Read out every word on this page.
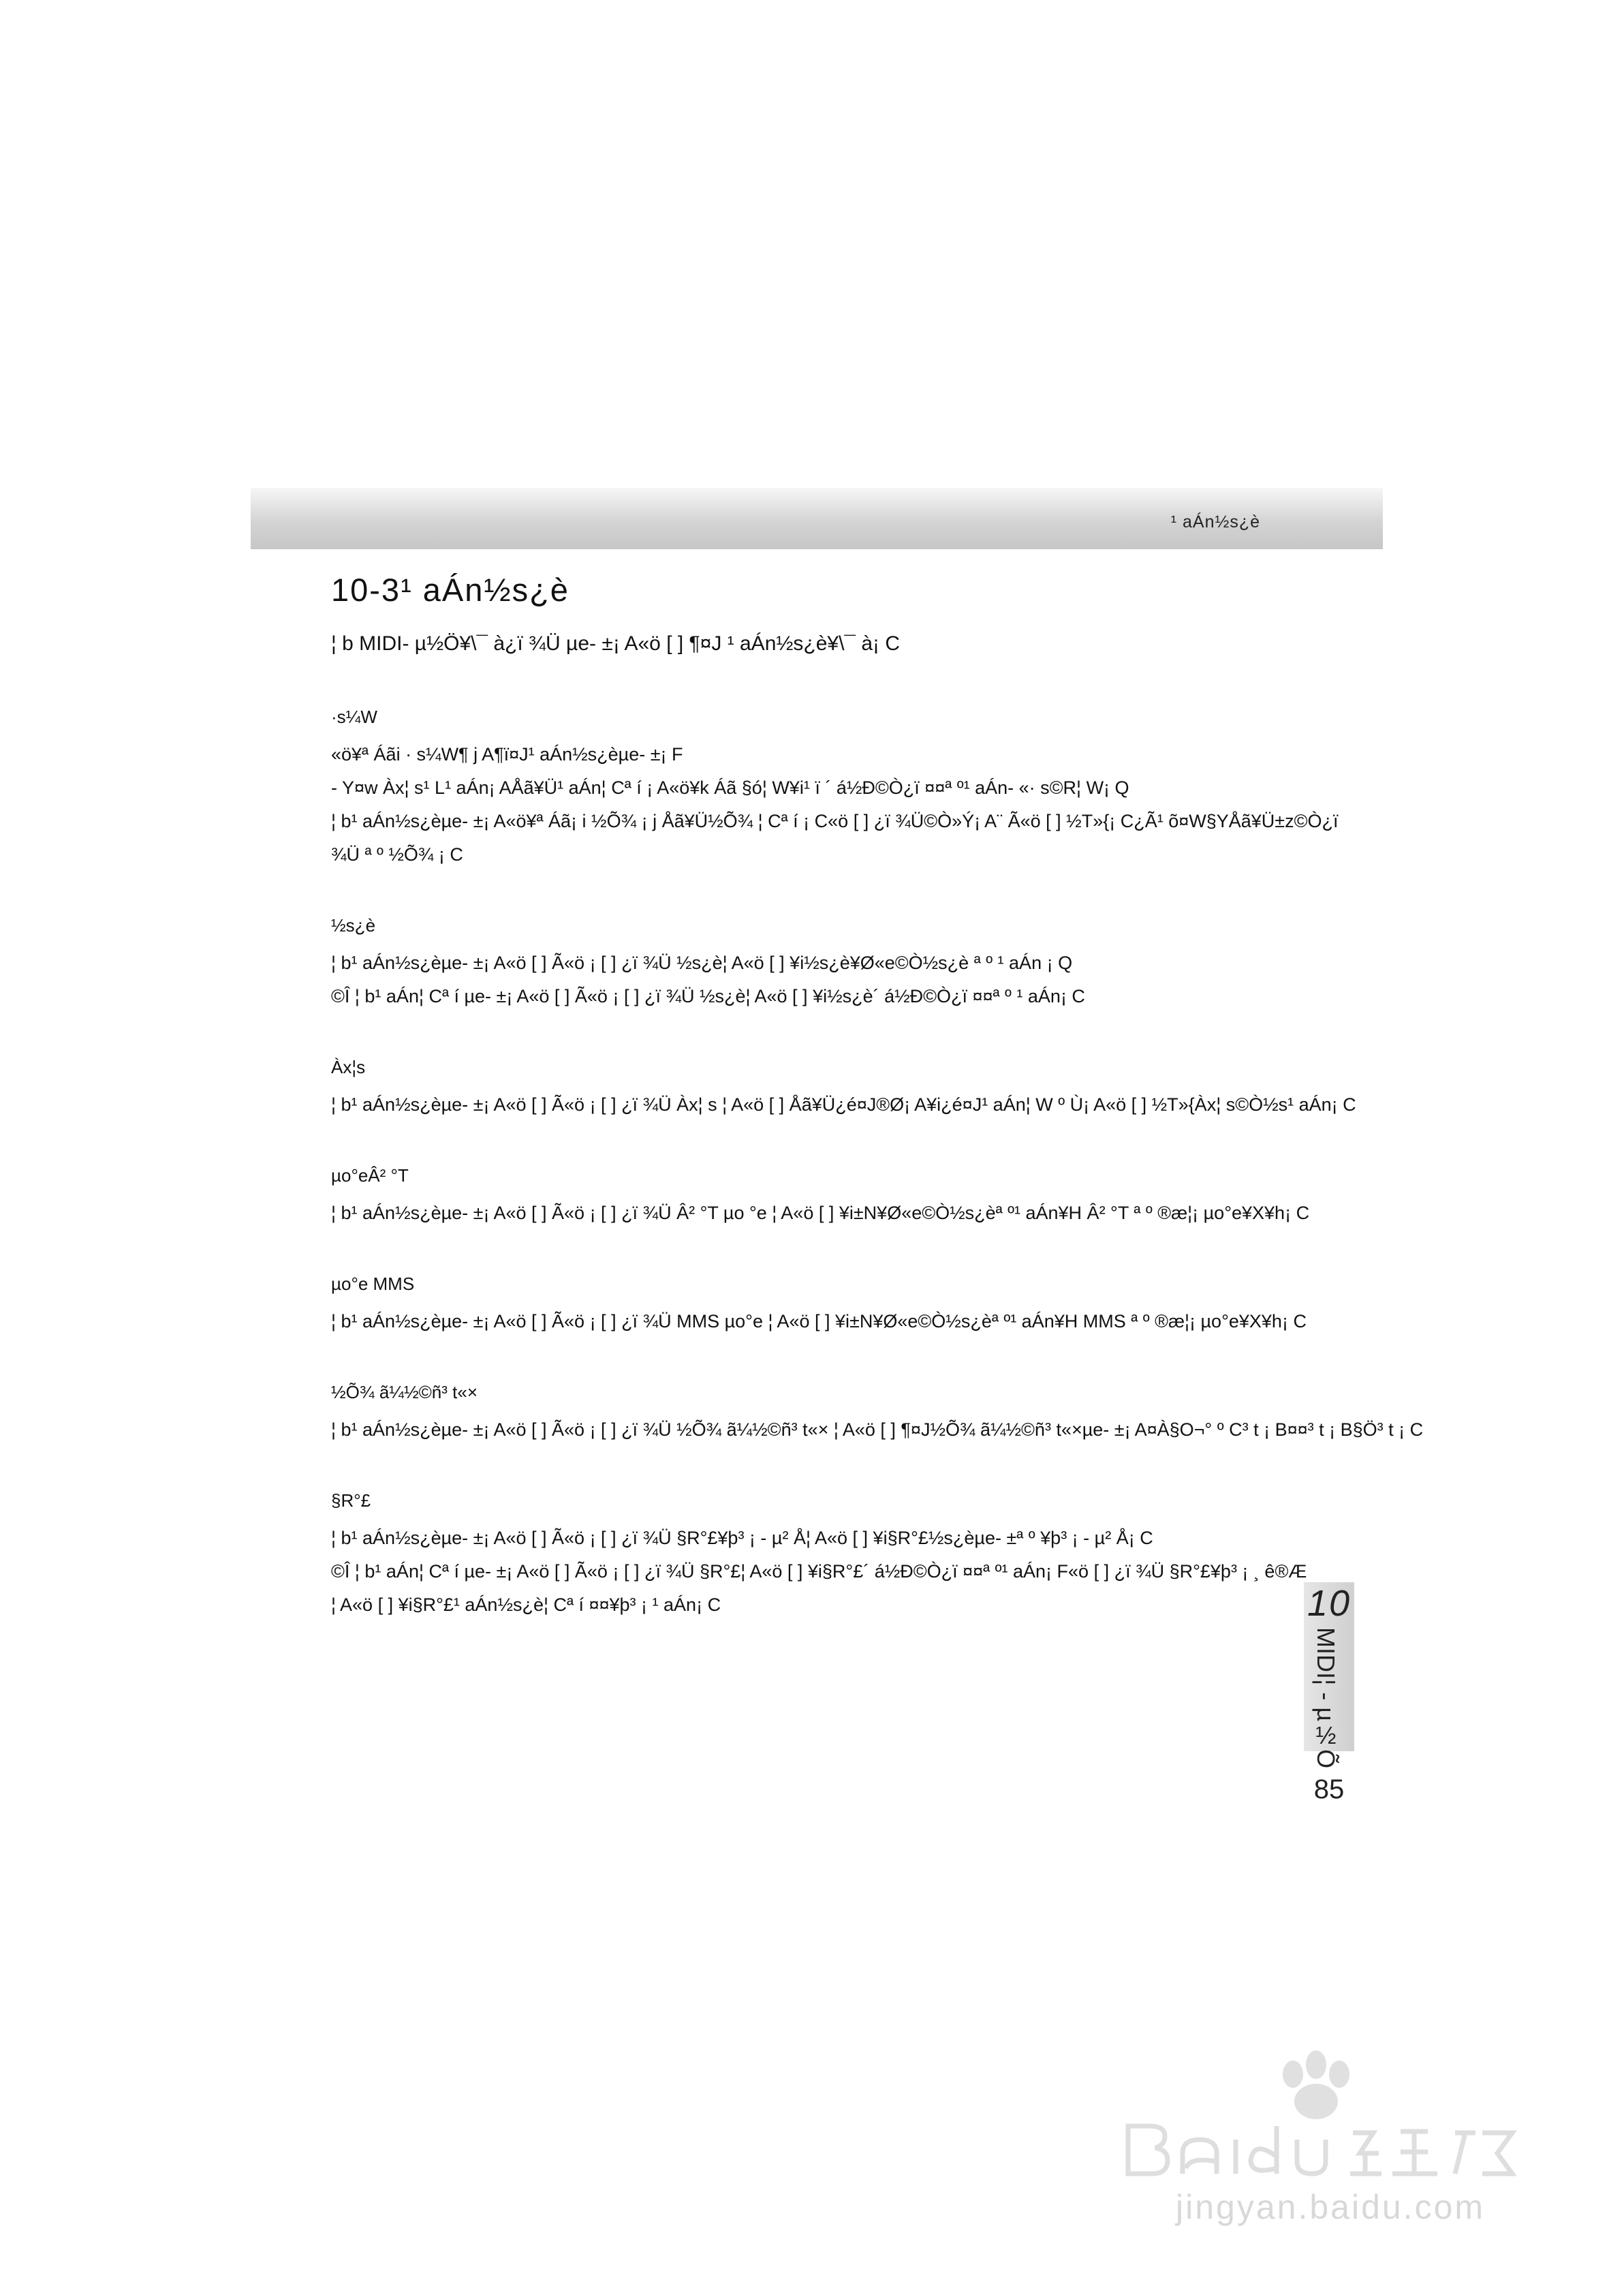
¹ aÁn½s¿è
10-3¹ aÁn½s¿è
¦ b MIDI- µ½Ö¥\¯ à¿ï ¾Ü µe- ±¡ A«ö [ ] ¶¤J ¹ aÁn½s¿è¥\¯ à¡ C
·s¼W
«ö¥ª Áãi · s¼W¶ j A¶ï¤J¹ aÁn½s¿èµe- ±¡ F
- Y¤w Àx¦ s¹ L¹ aÁn¡ AÅã¥Ü¹ aÁn¦ Cª í ¡ A«ö¥k Áã §ó¦ W¥i¹ ï ´ á½Ð©Ò¿ï ¤¤ª º¹ aÁn- «· s©R¦ W¡ Q
¦ b¹ aÁn½s¿èµe- ±¡ A«ö¥ª Áã¡ i ½Õ¾ ¡ j Åã¥Ü½Õ¾ ¦ Cª í ¡ C«ö [ ] ¿ï ¾Ü©Ò»Ý¡ A¨ Ã«ö [ ] ½T»{¡ C¿Ã¹ õ¤W§YÅã¥Ü±z©Ò¿ï
¾Ü ª º ½Õ¾ ¡ C
½s¿è
¦ b¹ aÁn½s¿èµe- ±¡ A«ö [ ] Ã«ö ¡ [ ] ¿ï ¾Ü ½s¿è¦ A«ö [ ] ¥i½s¿è¥Ø«e©Ò½s¿è ª º ¹ aÁn ¡ Q
©Î ¦ b¹ aÁn¦ Cª í µe- ±¡ A«ö [ ] Ã«ö ¡ [ ] ¿ï ¾Ü ½s¿è¦ A«ö [ ] ¥i½s¿è´ á½Ð©Ò¿ï ¤¤ª º ¹ aÁn¡ C
Àx¦s
¦ b¹ aÁn½s¿èµe- ±¡ A«ö [ ] Ã«ö ¡ [ ] ¿ï ¾Ü Àx¦ s ¦ A«ö [ ] Åã¥Ü¿é¤J®Ø¡ A¥i¿é¤J¹ aÁn¦ W º Ù¡ A«ö [ ] ½T»{Àx¦ s©Ò½s¹ aÁn¡ C
µo°eÂ² °T
¦ b¹ aÁn½s¿èµe- ±¡ A«ö [ ] Ã«ö ¡ [ ] ¿ï ¾Ü Â² °T µo °e ¦ A«ö [ ] ¥i±N¥Ø«e©Ò½s¿èª º¹ aÁn¥H Â² °T ª º ®æ¦¡ µo°e¥X¥h¡ C
µo°e MMS
¦ b¹ aÁn½s¿èµe- ±¡ A«ö [ ] Ã«ö ¡ [ ] ¿ï ¾Ü MMS µo°e ¦ A«ö [ ] ¥i±N¥Ø«e©Ò½s¿èª º¹ aÁn¥H MMS ª º ®æ¦¡ µo°e¥X¥h¡ C
½Õ¾ ã¼½©ñ³ t«×
¦ b¹ aÁn½s¿èµe- ±¡ A«ö [ ] Ã«ö ¡ [ ] ¿ï ¾Ü ½Õ¾ ã¼½©ñ³ t«× ¦ A«ö [ ] ¶¤J½Õ¾ ã¼½©ñ³ t«×µe- ±¡ A¤À§O¬° º C³ t ¡ B¤¤³ t ¡ B§Ö³ t ¡ C
§R°£
¦ b¹ aÁn½s¿èµe- ±¡ A«ö [ ] Ã«ö ¡ [ ] ¿ï ¾Ü §R°£¥þ³ ¡ - µ² Å¦ A«ö [ ] ¥i§R°£½s¿èµe- ±ª º ¥þ³ ¡ - µ² Å¡ C
©Î ¦ b¹ aÁn¦ Cª í µe- ±¡ A«ö [ ] Ã«ö ¡ [ ] ¿ï ¾Ü §R°£¦ A«ö [ ] ¥i§R°£´ á½Ð©Ò¿ï ¤¤ª º¹ aÁn¡ F«ö [ ] ¿ï ¾Ü §R°£¥þ³ ¡ ¸ ê®Æ
¦ A«ö [ ] ¥i§R°£¹ aÁn½s¿è¦ Cª í ¤¤¥þ³ ¡ ¹ aÁn¡ C	10
MIDI¦ - µ½Õ
85
jingyan.baidu.com
